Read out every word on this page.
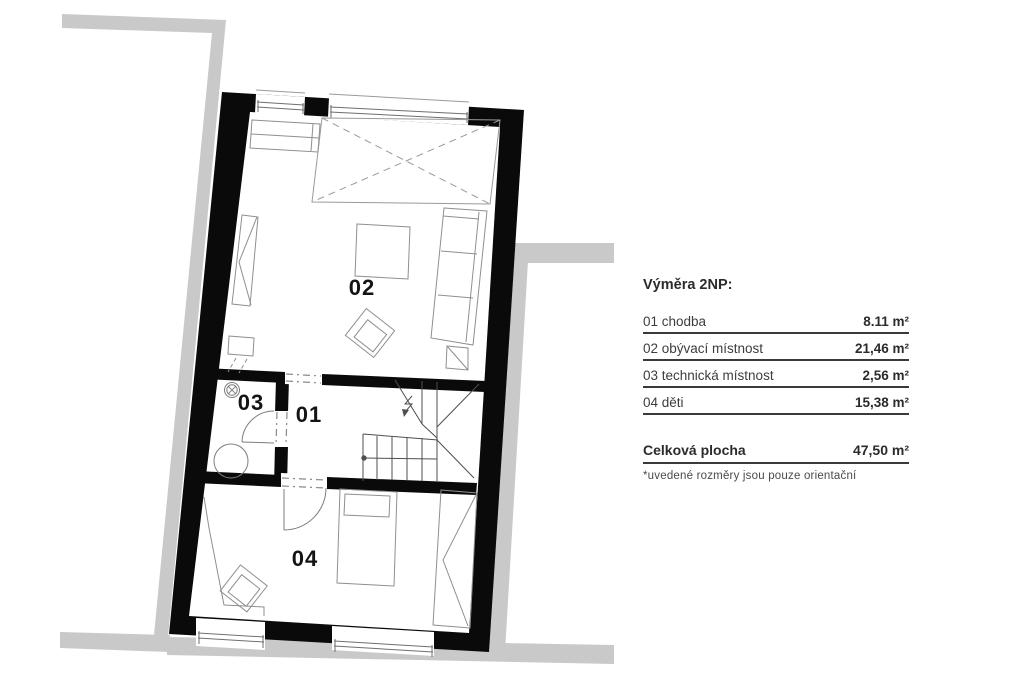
02
03 01
04
Výměra 2NP:
01 chodba	8.11 m²
02 obývací místnost	21,46 m²
03 technická místnost	2,56 m²
04 děti	15,38 m²
Celková plocha	47,50 m²
*uvedené rozměry jsou pouze orientační
